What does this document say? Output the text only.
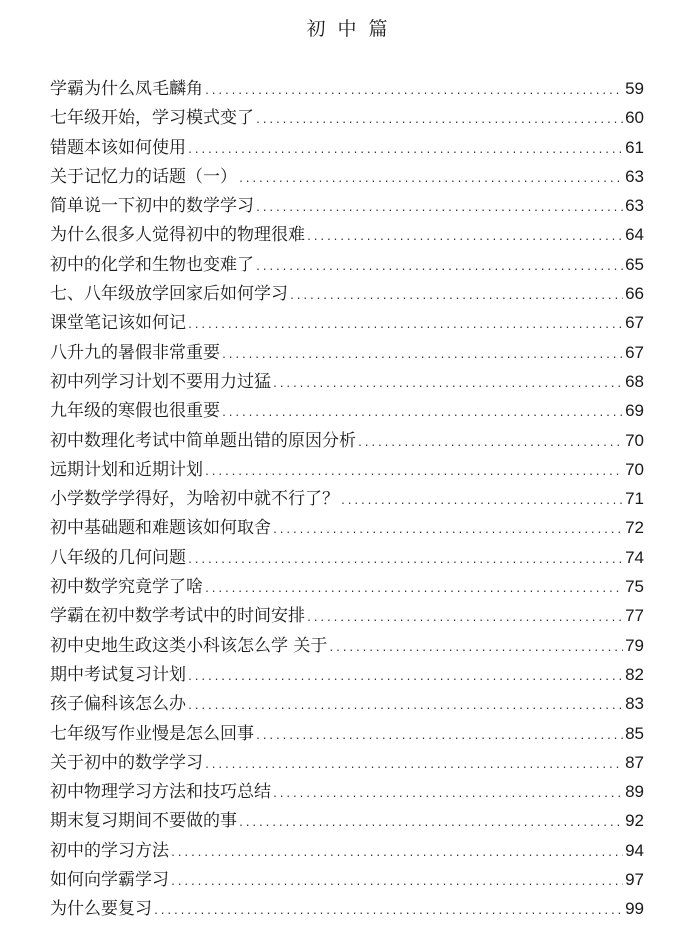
初中篇
学霸为什么凤毛麟角 .....	59
七年级开始，学习模式变了 .....	60
错题本该如何使用 .....	61
关于记忆力的话题（一） .....	63
简单说一下初中的数学学习 .....	63
为什么很多人觉得初中的物理很难 .....	64
初中的化学和生物也变难了 .....	65
七、八年级放学回家后如何学习 .....	66
课堂笔记该如何记 .....	67
八升九的暑假非常重要 .....	67
初中列学习计划不要用力过猛 .....	68
九年级的寒假也很重要 .....	69
初中数理化考试中简单题出错的原因分析 .....	70
远期计划和近期计划 .....	70
小学数学学得好，为啥初中就不行了？ .....	71
初中基础题和难题该如何取舍 .....	72
八年级的几何问题 .....	74
初中数学究竟学了啥 .....	75
学霸在初中数学考试中的时间安排 .....	77
初中史地生政这类小科该怎么学 关于 .....	79
期中考试复习计划 .....	82
孩子偏科该怎么办 .....	83
七年级写作业慢是怎么回事 .....	85
关于初中的数学学习 .....	87
初中物理学习方法和技巧总结 .....	89
期末复习期间不要做的事 .....	92
初中的学习方法 .....	94
如何向学霸学习 .....	97
为什么要复习 .....	99
